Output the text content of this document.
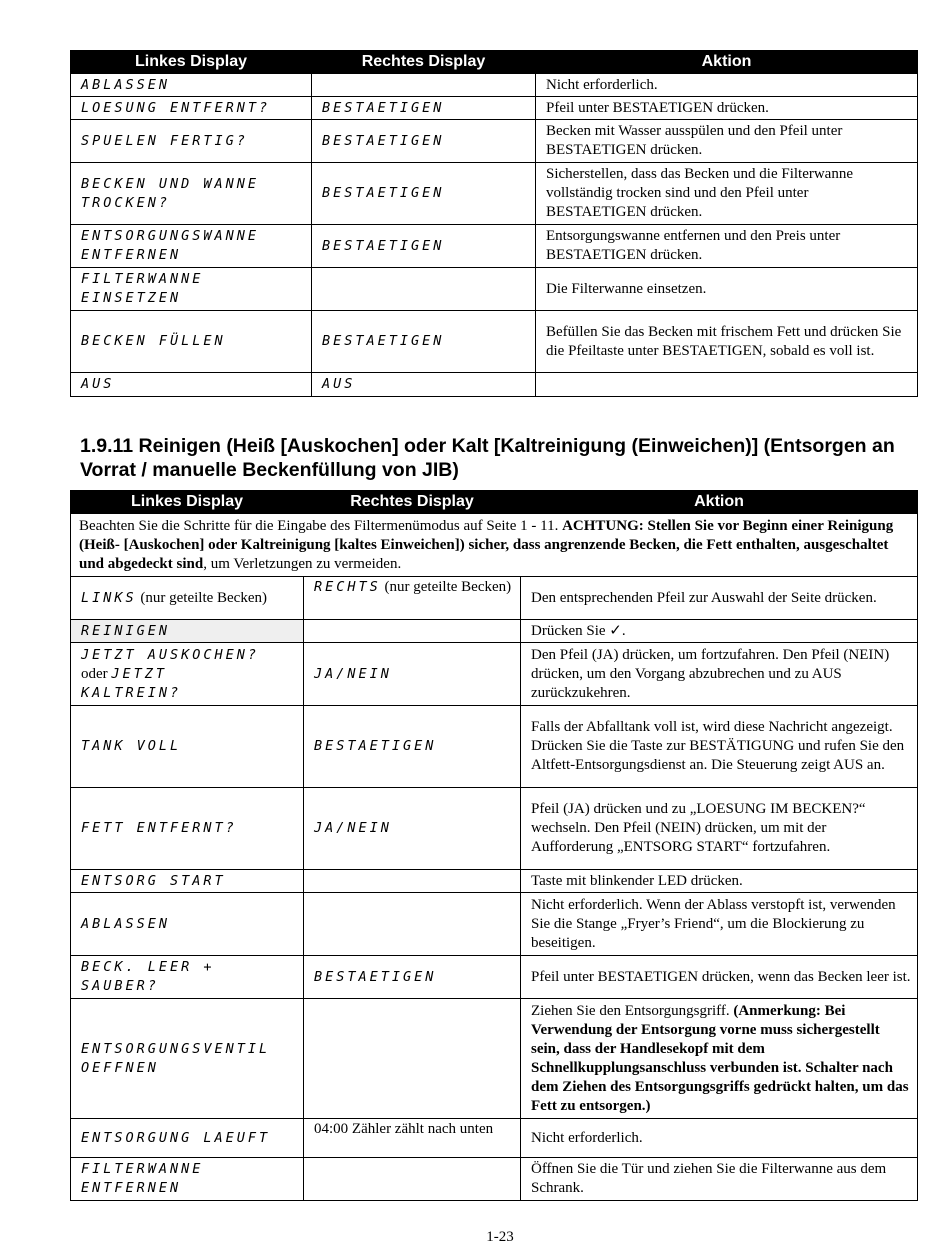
Linkes Display	Rechtes Display	Aktion
ABLASSEN		Nicht erforderlich.
LOESUNG ENTFERNT?	BESTAETIGEN	Pfeil unter BESTAETIGEN drücken.
SPUELEN FERTIG?	BESTAETIGEN	Becken mit Wasser ausspülen und den Pfeil unter BESTAETIGEN drücken.
BECKEN UND WANNE TROCKEN?	BESTAETIGEN	Sicherstellen, dass das Becken und die Filterwanne vollständig trocken sind und den Pfeil unter BESTAETIGEN drücken.
ENTSORGUNGSWANNE ENTFERNEN	BESTAETIGEN	Entsorgungswanne entfernen und den Preis unter BESTAETIGEN drücken.
FILTERWANNE EINSETZEN		Die Filterwanne einsetzen.
BECKEN FÜLLEN	BESTAETIGEN	Befüllen Sie das Becken mit frischem Fett und drücken Sie die Pfeiltaste unter BESTAETIGEN, sobald es voll ist.
AUS	AUS	
1.9.11 Reinigen (Heiß [Auskochen] oder Kalt [Kaltreinigung (Einweichen)] (Entsorgen an Vorrat / manuelle Beckenfüllung von JIB)
Linkes Display	Rechtes Display	Aktion
Beachten Sie die Schritte für die Eingabe des Filtermenümodus auf Seite 1 - 11. ACHTUNG: Stellen Sie vor Beginn einer Reinigung (Heiß- [Auskochen] oder Kaltreinigung [kaltes Einweichen]) sicher, dass angrenzende Becken, die Fett enthalten, ausgeschaltet und abgedeckt sind, um Verletzungen zu vermeiden.		
LINKS (nur geteilte Becken)	RECHTS (nur geteilte Becken)	Den entsprechenden Pfeil zur Auswahl der Seite drücken.
REINIGEN		Drücken Sie ✓.
JETZT AUSKOCHEN?
oder JETZT
KALTREIN?	JA/NEIN	Den Pfeil (JA) drücken, um fortzufahren. Den Pfeil (NEIN) drücken, um den Vorgang abzubrechen und zu AUS zurückzukehren.
TANK VOLL	BESTAETIGEN	Falls der Abfalltank voll ist, wird diese Nachricht angezeigt. Drücken Sie die Taste zur BESTÄTIGUNG und rufen Sie den Altfett-Entsorgungsdienst an. Die Steuerung zeigt AUS an.
FETT ENTFERNT?	JA/NEIN	Pfeil (JA) drücken und zu „LOESUNG IM BECKEN?“ wechseln. Den Pfeil (NEIN) drücken, um mit der Aufforderung „ENTSORG START“ fortzufahren.
ENTSORG START		Taste mit blinkender LED drücken.
ABLASSEN		Nicht erforderlich. Wenn der Ablass verstopft ist, verwenden Sie die Stange „Fryer’s Friend“, um die Blockierung zu beseitigen.
BECK. LEER + SAUBER?	BESTAETIGEN	Pfeil unter BESTAETIGEN drücken, wenn das Becken leer ist.
ENTSORGUNGSVENTIL OEFFNEN		Ziehen Sie den Entsorgungsgriff. (Anmerkung: Bei Verwendung der Entsorgung vorne muss sichergestellt sein, dass der Handlesekopf mit dem Schnellkupplungsanschluss verbunden ist. Schalter nach dem Ziehen des Entsorgungsgriffs gedrückt halten, um das Fett zu entsorgen.)
ENTSORGUNG LAEUFT	04:00 Zähler zählt nach unten	Nicht erforderlich.
FILTERWANNE ENTFERNEN		Öffnen Sie die Tür und ziehen Sie die Filterwanne aus dem Schrank.
1-23
